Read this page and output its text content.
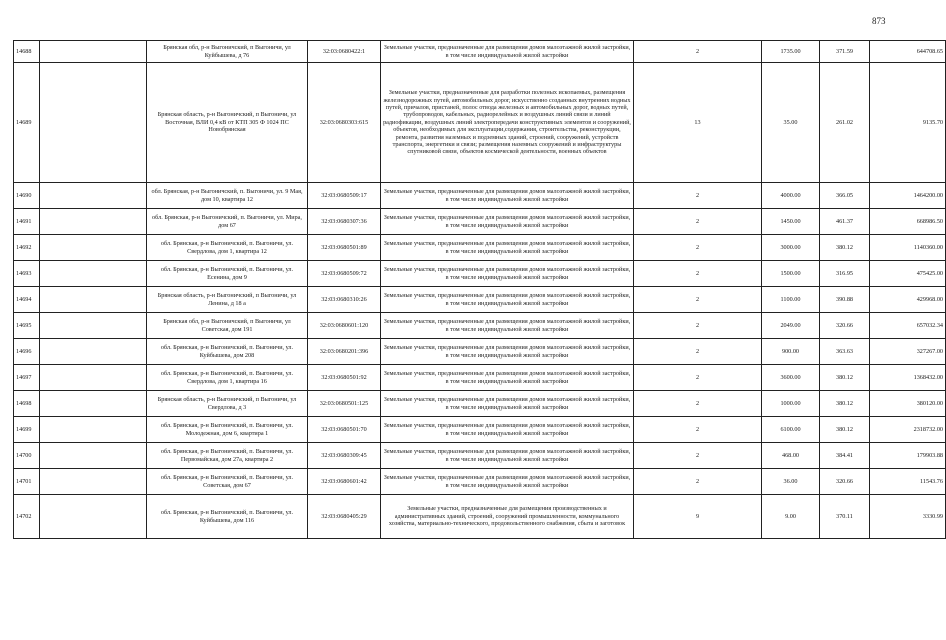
873
14688		Брянская обл, р-н Выгоничский, п Выгоничи, ул Куйбышева, д 76	32:03:0680422:1	Земельные участки, предназначенные для размещения домов малоэтажной жилой застройки, в том числе индивидуальной жилой застройки	2	1735.00	371.59	644708.65
14689		Брянская область, р-н Выгоничский, п Выгоничи, ул Восточная, ВЛИ 0,4 кВ от КТП 305 Ф 1024 ПС Новобрянская	32:03:0680303:615	Земельные участки, предназначенные для разработки полезных ископаемых, размещения железнодорожных путей, автомобильных дорог, искусственно созданных внутренних водных путей, причалов, пристаней, полос отвода железных и автомобильных дорог, водных путей, трубопроводов, кабельных, радиорелейных и воздушных линий связи и линий радиофикации, воздушных линий электропередачи конструктивных элементов и сооружений, объектов, необходимых для эксплуатации,содержания, строительства, реконструкции, ремонта, развития наземных и подземных зданий, строений, сооружений, устройств транспорта, энергетики и связи; размещения наземных сооружений и инфраструктуры спутниковой связи, объектов космической деятельности, военных объектов	13	35.00	261.02	9135.70
14690		обл. Брянская, р-н Выгоничский, п. Выгоничи, ул. 9 Мая, дом 10, квартира 12	32:03:0680509:17	Земельные участки, предназначенные для размещения домов малоэтажной жилой застройки, в том числе индивидуальной жилой застройки	2	4000.00	366.05	1464200.00
14691		обл. Брянская, р-н Выгоничский, п. Выгоничи, ул. Мира, дом 67	32:03:0680307:36	Земельные участки, предназначенные для размещения домов малоэтажной жилой застройки, в том числе индивидуальной жилой застройки	2	1450.00	461.37	668986.50
14692		обл. Брянская, р-н Выгоничский, п. Выгоничи, ул. Свердлова, дом 1, квартира 12	32:03:0680501:89	Земельные участки, предназначенные для размещения домов малоэтажной жилой застройки, в том числе индивидуальной жилой застройки	2	3000.00	380.12	1140360.00
14693		обл. Брянская, р-н Выгоничский, п. Выгоничи, ул. Есенина, дом 9	32:03:0680509:72	Земельные участки, предназначенные для размещения домов малоэтажной жилой застройки, в том числе индивидуальной жилой застройки	2	1500.00	316.95	475425.00
14694		Брянская область, р-н Выгоничский, п Выгоничи, ул Ленина, д 18 а	32:03:0680310:26	Земельные участки, предназначенные для размещения домов малоэтажной жилой застройки, в том числе индивидуальной жилой застройки	2	1100.00	390.88	429968.00
14695		Брянская обл, р-н Выгоничский, п Выгоничи, ул Советская, дом 191	32:03:0680601:120	Земельные участки, предназначенные для размещения домов малоэтажной жилой застройки, в том числе индивидуальной жилой застройки	2	2049.00	320.66	657032.34
14696		обл. Брянская, р-н Выгоничский, п. Выгоничи, ул. Куйбышева, дом 208	32:03:0680201:396	Земельные участки, предназначенные для размещения домов малоэтажной жилой застройки, в том числе индивидуальной жилой застройки	2	900.00	363.63	327267.00
14697		обл. Брянская, р-н Выгоничский, п. Выгоничи, ул. Свердлова, дом 1, квартира 16	32:03:0680501:92	Земельные участки, предназначенные для размещения домов малоэтажной жилой застройки, в том числе индивидуальной жилой застройки	2	3600.00	380.12	1368432.00
14698		Брянская область, р-н Выгоничский, п Выгоничи, ул Свердлова, д 3	32:03:0680501:125	Земельные участки, предназначенные для размещения домов малоэтажной жилой застройки, в том числе индивидуальной жилой застройки	2	1000.00	380.12	380120.00
14699		обл. Брянская, р-н Выгоничский, п. Выгоничи, ул. Молодежная, дом 6, квартира 1	32:03:0680501:70	Земельные участки, предназначенные для размещения домов малоэтажной жилой застройки, в том числе индивидуальной жилой застройки	2	6100.00	380.12	2318732.00
14700		обл. Брянская, р-н Выгоничский, п. Выгоничи, ул. Первомайская, дом 27а, квартира 2	32:03:0680309:45	Земельные участки, предназначенные для размещения домов малоэтажной жилой застройки, в том числе индивидуальной жилой застройки	2	468.00	384.41	179903.88
14701		обл. Брянская, р-н Выгоничский, п. Выгоничи, ул. Советская, дом 67	32:03:0680601:42	Земельные участки, предназначенные для размещения домов малоэтажной жилой застройки, в том числе индивидуальной жилой застройки	2	36.00	320.66	11543.76
14702		обл. Брянская, р-н Выгоничский, п. Выгоничи, ул. Куйбышева, дом 116	32:03:0680405:29	Земельные участки, предназначенные для размещения производственных и административных зданий, строений, сооружений промышленности, коммунального хозяйства, материально-технического, продовольственного снабжения, сбыта и заготовок	9	9.00	370.11	3330.99
